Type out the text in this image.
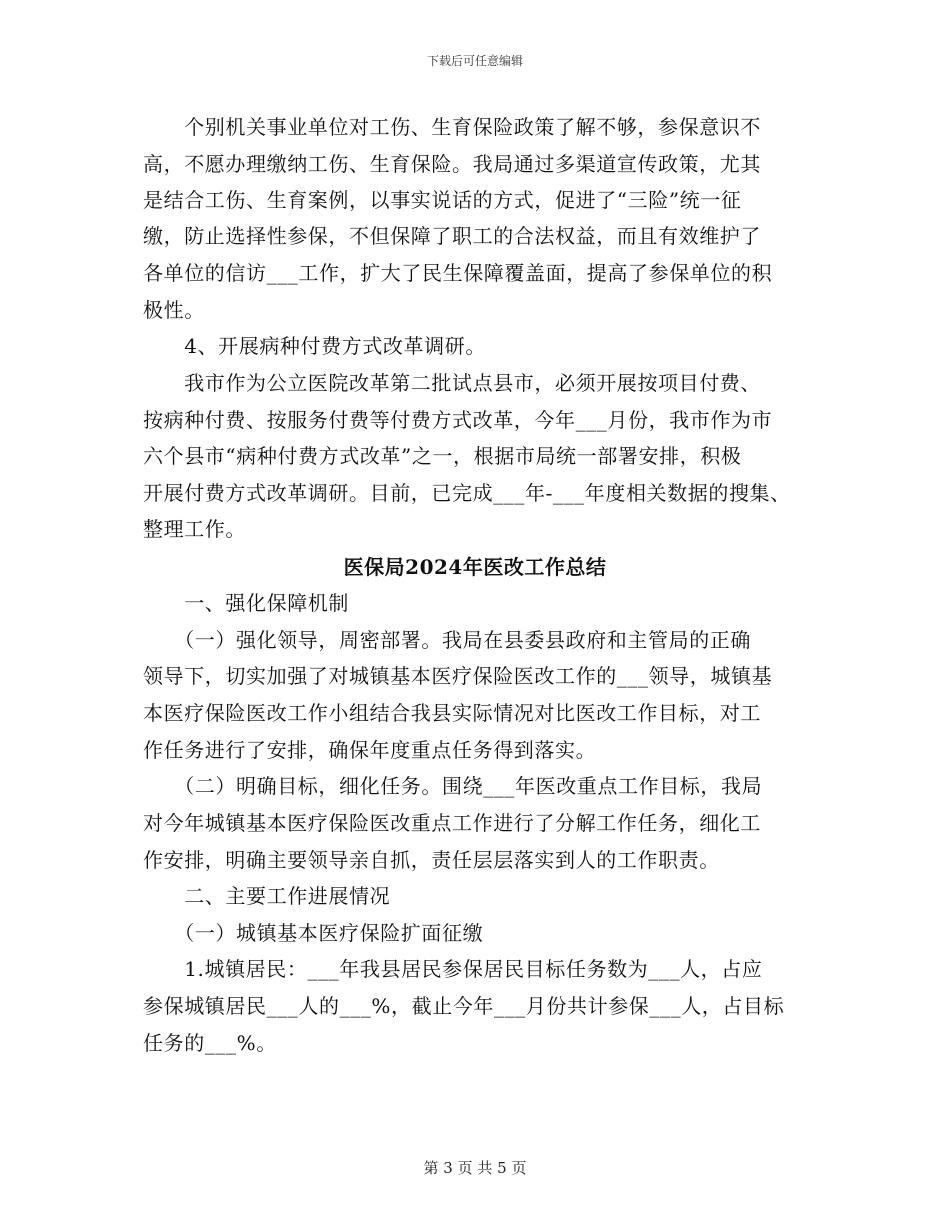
下载后可任意编辑
　　个别机关事业单位对工伤、生育保险政策了解不够，参保意识不
高，不愿办理缴纳工伤、生育保险。我局通过多渠道宣传政策，尤其
是结合工伤、生育案例，以事实说话的方式，促进了“三险”统一征
缴，防止选择性参保，不但保障了职工的合法权益，而且有效维护了
各单位的信访___工作，扩大了民生保障覆盖面，提高了参保单位的积
极性。
　　4、开展病种付费方式改革调研。
　　我市作为公立医院改革第二批试点县市，必须开展按项目付费、
按病种付费、按服务付费等付费方式改革，今年___月份，我市作为市
六个县市“病种付费方式改革”之一，根据市局统一部署安排，积极
开展付费方式改革调研。目前，已完成___年-___年度相关数据的搜集、
整理工作。
医保局2024年医改工作总结
　　一、强化保障机制
　　（一）强化领导，周密部署。我局在县委县政府和主管局的正确
领导下，切实加强了对城镇基本医疗保险医改工作的___领导，城镇基
本医疗保险医改工作小组结合我县实际情况对比医改工作目标，对工
作任务进行了安排，确保年度重点任务得到落实。
　　（二）明确目标，细化任务。围绕___年医改重点工作目标，我局
对今年城镇基本医疗保险医改重点工作进行了分解工作任务，细化工
作安排，明确主要领导亲自抓，责任层层落实到人的工作职责。
　　二、主要工作进展情况
　　（一）城镇基本医疗保险扩面征缴
　　1.城镇居民：___年我县居民参保居民目标任务数为___人，占应
参保城镇居民___人的___%，截止今年___月份共计参保___人，占目标
任务的___%。
第 3 页 共 5 页
